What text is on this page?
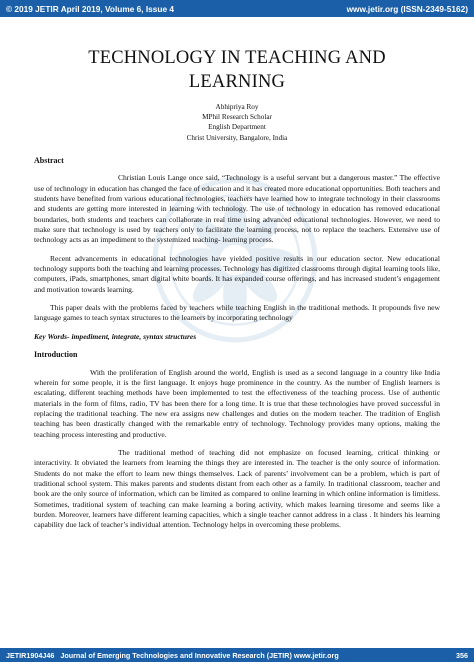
© 2019 JETIR April 2019, Volume 6, Issue 4	www.jetir.org (ISSN-2349-5162)
TECHNOLOGY IN TEACHING AND
LEARNING
Abhipriya Roy
MPhil Research Scholar
English Department
Christ University, Bangalore, India
Abstract

Christian Louis Lange once said, “Technology is a useful servant but a dangerous master.” The effective use of technology in education has changed the face of education and it has created more educational opportunities. Both teachers and students have benefited from various educational technologies, teachers have learned how to integrate technology in their classrooms and students are getting more interested in learning with technology. The use of technology in education has removed educational boundaries, both students and teachers can collaborate in real time using advanced educational technologies. However, we need to make sure that technology is used by teachers only to facilitate the learning process, not to replace the teachers. Extensive use of technology acts as an impediment to the systemized teaching- learning process.

Recent advancements in educational technologies have yielded positive results in our education sector. New educational technology supports both the teaching and learning processes. Technology has digitized classrooms through digital learning tools like, computers, iPads, smartphones, smart digital white boards. It has expanded course offerings, and has increased student’s engagement and motivation towards learning.

This paper deals with the problems faced by teachers while teaching English in the traditional methods. It propounds five new language games to teach syntax structures to the learners by incorporating technology

Key Words- impediment, integrate, syntax structures

Introduction

With the proliferation of English around the world, English is used as a second language in a country like India wherein for some people, it is the first language. It enjoys huge prominence in the country. As the number of English learners is escalating, different teaching methods have been implemented to test the effectiveness of the teaching process. Use of authentic materials in the form of films, radio, TV has been there for a long time. It is true that these technologies have proved successful in replacing the traditional teaching. The new era assigns new challenges and duties on the modern teacher. The tradition of English teaching has been drastically changed with the remarkable entry of technology. Technology provides many options, making the teaching process interesting and productive.

The traditional method of teaching did not emphasize on focused learning, critical thinking or interactivity. It obviated the learners from learning the things they are interested in. The teacher is the only source of information. Students do not make the effort to learn new things themselves. Lack of parents’ involvement can be a problem, which is part of traditional school system. This makes parents and students distant from each other as a family. In traditional classroom, teacher and book are the only source of information, which can be limited as compared to online learning in which online information is limitless. Sometimes, traditional system of teaching can make learning a boring activity, which makes learning tiresome and seems like a burden. Moreover, learners have different learning capacities, which a single teacher cannot address in a class . It hinders his learning capability due lack of teacher’s individual attention. Technology helps in overcoming these problems.

JETIR1904J46 Journal of Emerging Technologies and Innovative Research (JETIR) www.jetir.org	356
